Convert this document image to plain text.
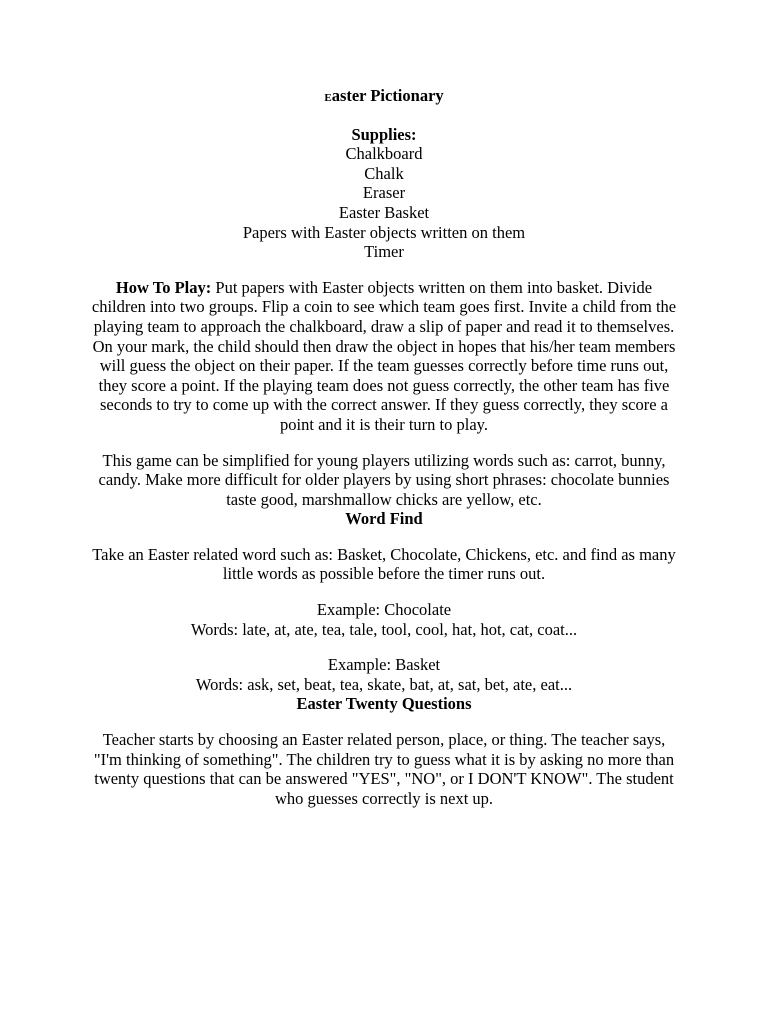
Easter Pictionary

Supplies:

Chalkboard

Chalk

Eraser

Easter Basket

Papers with Easter objects written on them

Timer

How To Play: Put papers with Easter objects written on them into basket. Divide children into two groups. Flip a coin to see which team goes first. Invite a child from the playing team to approach the chalkboard, draw a slip of paper and read it to themselves. On your mark, the child should then draw the object in hopes that his/her team members will guess the object on their paper. If the team guesses correctly before time runs out, they score a point. If the playing team does not guess correctly, the other team has five seconds to try to come up with the correct answer. If they guess correctly, they score a point and it is their turn to play.

This game can be simplified for young players utilizing words such as: carrot, bunny, candy. Make more difficult for older players by using short phrases: chocolate bunnies taste good, marshmallow chicks are yellow, etc.

Word Find

Take an Easter related word such as: Basket, Chocolate, Chickens, etc. and find as many little words as possible before the timer runs out.

Example: Chocolate

Words: late, at, ate, tea, tale, tool, cool, hat, hot, cat, coat...

Example: Basket

Words: ask, set, beat, tea, skate, bat, at, sat, bet, ate, eat...

Easter Twenty Questions

Teacher starts by choosing an Easter related person, place, or thing. The teacher says, "I'm thinking of something". The children try to guess what it is by asking no more than twenty questions that can be answered "YES", "NO", or I DON'T KNOW". The student who guesses correctly is next up.
